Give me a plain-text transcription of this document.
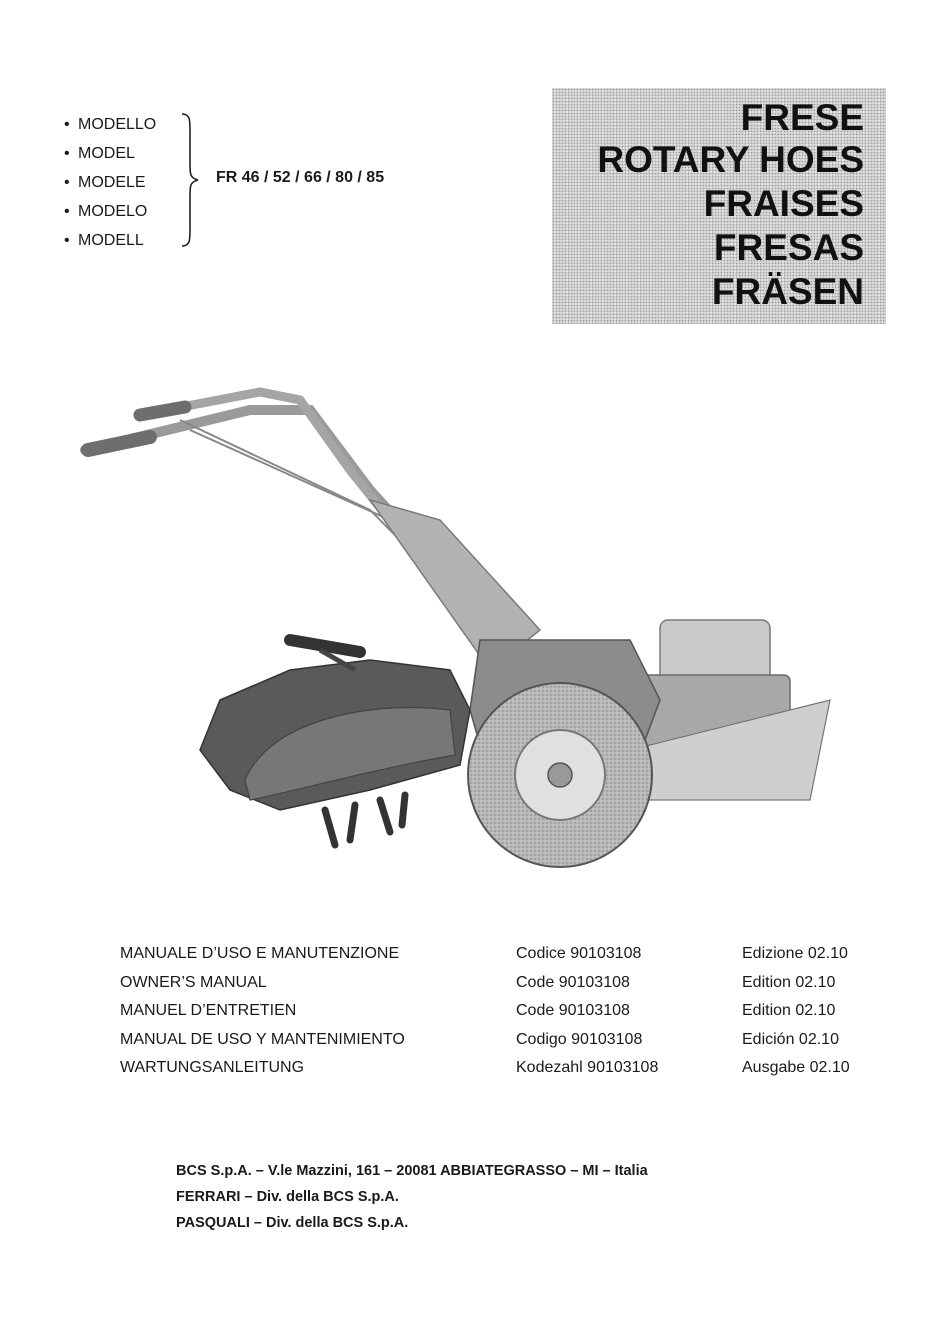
• MODELLO
• MODEL
• MODELE
• MODELO
• MODELL
FR 46 / 52 / 66 / 80 / 85
FRESE
ROTARY HOES
FRAISES
FRESAS
FRÄSEN
MANUALE D’USO E MANUTENZIONE	Codice 90103108	Edizione 02.10
OWNER’S MANUAL	Code 90103108	Edition 02.10
MANUEL D’ENTRETIEN	Code 90103108	Edition 02.10
MANUAL DE USO Y MANTENIMIENTO	Codigo 90103108	Edición 02.10
WARTUNGSANLEITUNG	Kodezahl 90103108	Ausgabe 02.10
BCS S.p.A. – V.le Mazzini, 161 – 20081 ABBIATEGRASSO – MI – Italia
FERRARI – Div. della BCS S.p.A.
PASQUALI – Div. della BCS S.p.A.
